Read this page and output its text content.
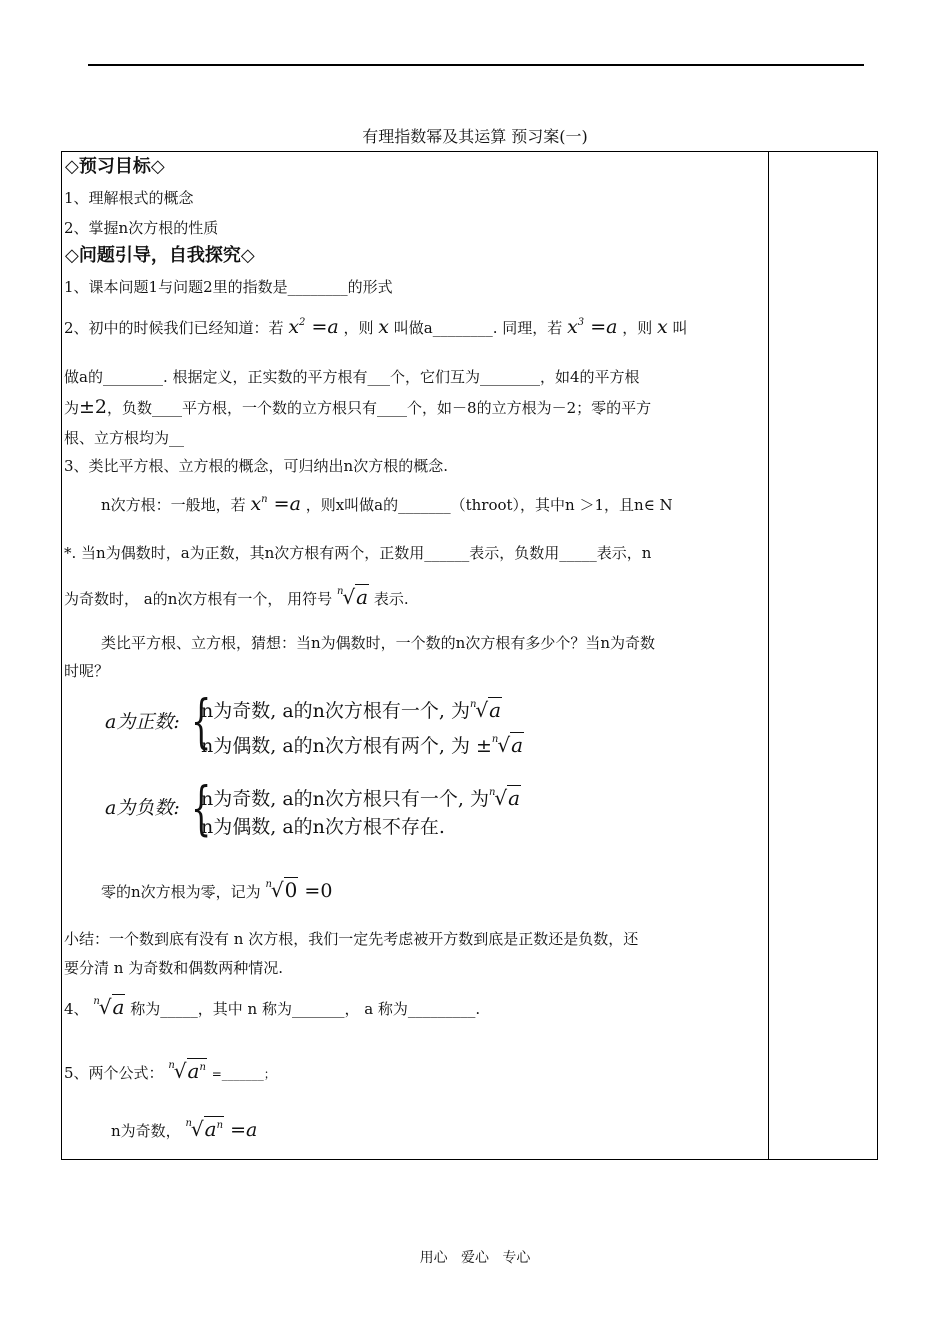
有理指数幂及其运算 预习案(一)
◇预习目标◇
1、理解根式的概念
2、掌握n次方根的性质
◇问题引导，自我探究◇
1、课本问题1与问题2里的指数是________的形式
2、初中的时候我们已经知道：若 $x^2 =a$ ，则 x 叫做a________. 同理，若 $x^3 =a$ ，则 x 叫
做a的________. 根据定义，正实数的平方根有___个，它们互为________，如4的平方根
为±2，负数____平方根，一个数的立方根只有____个，如－8的立方根为－2；零的平方
根、立方根均为__
3、类比平方根、立方根的概念，可归纳出n次方根的概念.
n次方根：一般地，若 $x^n =a$ ，则x叫做a的_______（throot），其中n ＞1，且n∈ N
*. 当n为偶数时，a为正数，其n次方根有两个，正数用______表示，负数用_____表示，n
为奇数时， a的n次方根有一个， 用符号 $^n$√a 表示.
类比平方根、立方根，猜想：当n为偶数时，一个数的n次方根有多少个？当n为奇数
时呢？
a为正数: {
n为奇数, a的n次方根有一个, 为$^n$√a
n为偶数, a的n次方根有两个, 为 ±$^n$√a
a为负数: {
n为奇数, a的n次方根只有一个, 为$^n$√a
n为偶数, a的n次方根不存在.
零的n次方根为零，记为 $^n$√0 =0
小结：一个数到底有没有 n 次方根，我们一定先考虑被开方数到底是正数还是负数，还
要分清 n 为奇数和偶数两种情况.
4、 $^n$√a 称为_____，其中 n 称为_______， a 称为_________.
5、两个公式： $^n√a^n$ =_______；
n为奇数， $^n√a^n =a$
用心   爱心   专心
